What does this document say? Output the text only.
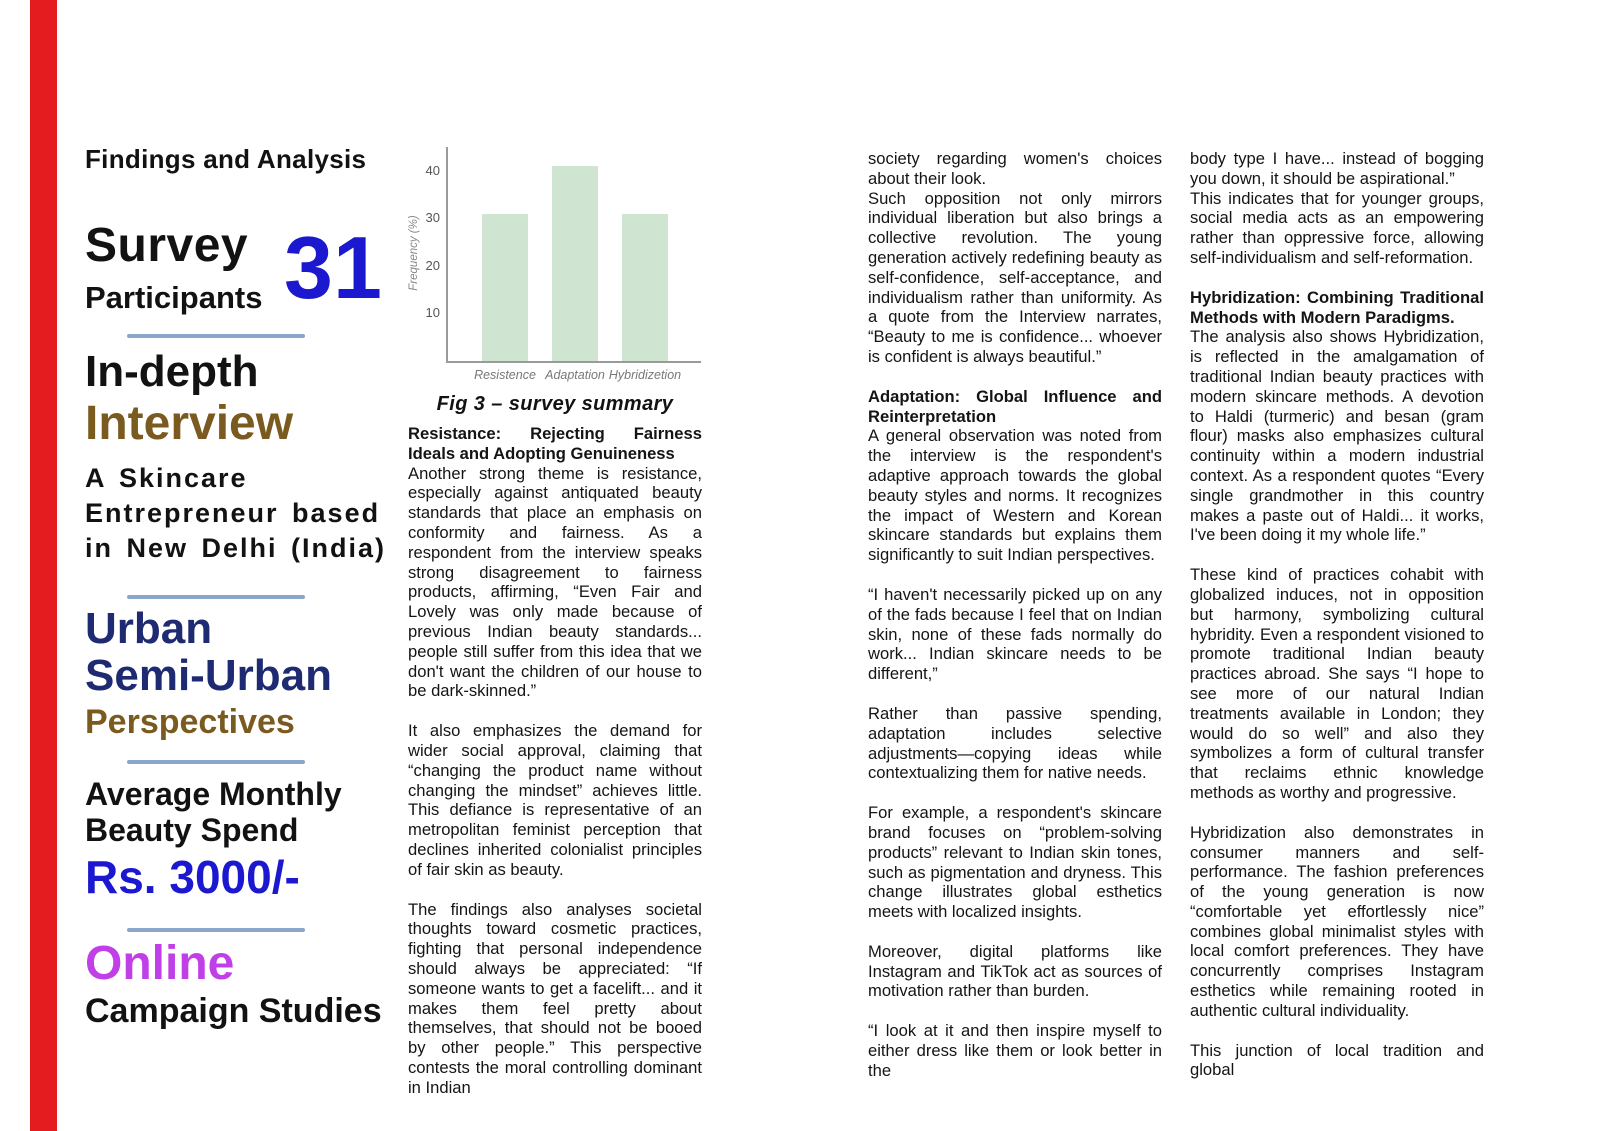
Findings and Analysis
Survey
Participants 31
In-depth
Interview
A Skincare
Entrepreneur based
in New Delhi (India)
Urban
Semi-Urban
Perspectives
Average Monthly
Beauty Spend
Rs. 3000/-
Online
Campaign Studies
Frequency (%)
Resistence Adaptation Hybridizetion
10
20
30
40
Fig 3 – survey summary
Resistance: Rejecting Fairness Ideals and Adopting Genuineness

Another strong theme is resistance, especially against antiquated beauty standards that place an emphasis on conformity and fairness. As a respondent from the interview speaks strong disagreement to fairness products, affirming, “Even Fair and Lovely was only made because of previous Indian beauty standards... people still suffer from this idea that we don't want the children of our house to be dark-skinned.”

It also emphasizes the demand for wider social approval, claiming that “changing the product name without changing the mindset” achieves little. This defiance is representative of an metropolitan feminist perception that declines inherited colonialist principles of fair skin as beauty.

The findings also analyses societal thoughts toward cosmetic practices, fighting that personal independence should always be appreciated: “If someone wants to get a facelift... and it makes them feel pretty about themselves, that should not be booed by other people.” This perspective contests the moral controlling dominant in Indian

society regarding women's choices about their look.

Such opposition not only mirrors individual liberation but also brings a collective revolution. The young generation actively redefining beauty as self-confidence, self-acceptance, and individualism rather than uniformity. As a quote from the Interview narrates, “Beauty to me is confidence... whoever is confident is always beautiful.”

Adaptation: Global Influence and Reinterpretation

A general observation was noted from the interview is the respondent's adaptive approach towards the global beauty styles and norms. It recognizes the impact of Western and Korean skincare standards but explains them significantly to suit Indian perspectives.

“I haven't necessarily picked up on any of the fads because I feel that on Indian skin, none of these fads normally do work... Indian skincare needs to be different,”

Rather than passive spending, adaptation includes selective adjustments—copying ideas while contextualizing them for native needs.

For example, a respondent's skincare brand focuses on “problem-solving products” relevant to Indian skin tones, such as pigmentation and dryness. This change illustrates global esthetics meets with localized insights.

Moreover, digital platforms like Instagram and TikTok act as sources of motivation rather than burden.

“I look at it and then inspire myself to either dress like them or look better in the

body type I have... instead of bogging you down, it should be aspirational.”

This indicates that for younger groups, social media acts as an empowering rather than oppressive force, allowing self-individualism and self-reformation.

Hybridization: Combining Traditional Methods with Modern Paradigms.

The analysis also shows Hybridization, is reflected in the amalgamation of traditional Indian beauty practices with modern skincare methods. A devotion to Haldi (turmeric) and besan (gram flour) masks also emphasizes cultural continuity within a modern industrial context. As a respondent quotes “Every single grandmother in this country makes a paste out of Haldi... it works, I've been doing it my whole life.”

These kind of practices cohabit with globalized induces, not in opposition but harmony, symbolizing cultural hybridity. Even a respondent visioned to promote traditional Indian beauty practices abroad. She says “I hope to see more of our natural Indian treatments available in London; they would do so well” and also they symbolizes a form of cultural transfer that reclaims ethnic knowledge methods as worthy and progressive.

Hybridization also demonstrates in consumer manners and self-performance. The fashion preferences of the young generation is now “comfortable yet effortlessly nice” combines global minimalist styles with local comfort preferences. They have concurrently comprises Instagram esthetics while remaining rooted in authentic cultural individuality.

This junction of local tradition and global
